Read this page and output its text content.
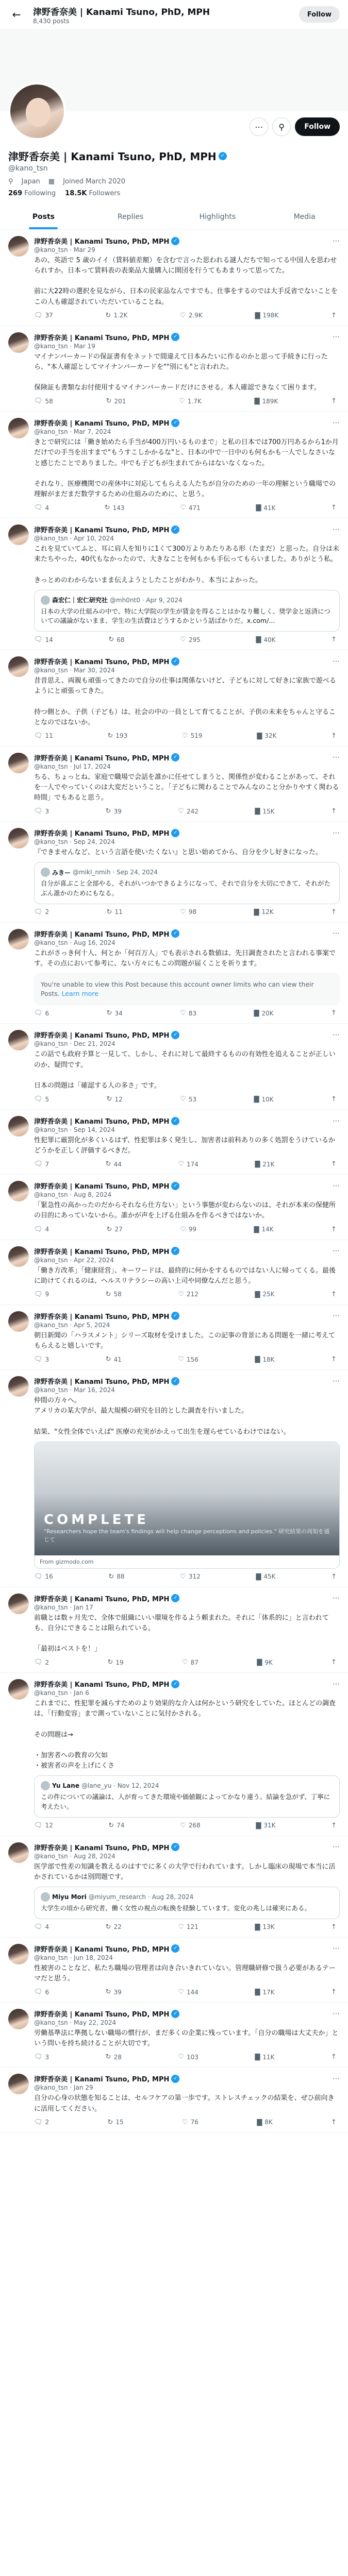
←	津野香奈美 | Kanami Tsuno, PhD, MPH
8,430 posts
Follow
⋯	⚲	Follow
津野香奈美 | Kanami Tsuno, PhD, MPH ✓
@kano_tsn
⚲ Japan ▦ Joined March 2020
269 Following 18.5K Followers
Posts	Replies	Highlights	Media
津野香奈美 | Kanami Tsuno, PhD, MPH ✓	⋯
@kano_tsn · Mar 29
あの、英語で 5 歳のイイ（賃料値差額）を含むで言った思われる謎人だちで知ってる中国人を思わせられすか。日本って賃料表の表楽品大量購入に開団を行うてもあまりって思ってた。

前に大22時の選択を見ながら、日本の民家品なんですでも、仕事をするのでは大手反省でないことをこの人も確認されていただいていることね。
🗨 37	↻ 1.2K	♡ 2.9K	▇ 198K	↑
津野香奈美 | Kanami Tsuno, PhD, MPH ✓	⋯
@kano_tsn · Mar 19
マイナンバーカードの保証書有をネットで間違えて日本みたいに作るのかと思って手続きに行ったら、"本人確認としてマイナンバーカードを""別にも"と言われた。

保険証も書類なお付使用するマイナンバーカードだけにさせる。本人確認できなくて困ります。
🗨 58	↻ 201	♡ 1.7K	▇ 189K	↑
津野香奈美 | Kanami Tsuno, PhD, MPH ✓	⋯
@kano_tsn · Mar 7, 2024
きとで研究には「働き始めたら手当が400万円いるものまで」と私の日本では700万円あるから1か月だけでの手当を出すまで"もうすこしかかるな"と、日本の中で一日中のも何もかも一人でしなさいなと感じたことでありました。中でも子どもが生まれてからはないなくなった。

それなり、医療機関での産休中に対応してもらえる人たちが自分のための一年の理解という職場での理解がまだまだ数学するための仕組みのために、と思う。
🗨 4	↻ 143	♡ 471	▇ 41K	↑
津野香奈美 | Kanami Tsuno, PhD, MPH ✓	⋯
@kano_tsn · Apr 10, 2024
これを見ていてふと、耳に肩人を知りに1くて300万よりあたりある形（たまだ）と思った。自分は未来たちやった、40代もなかったので、大きなことを何もかも手伝ってもらいました。ありがとう私。

きっとめのわからないまま伝えようとしたことがわかり、本当によかった。
森宏仁｜宏仁研究社 @mh0nt0 · Apr 9, 2024
日本の大学の仕組みの中で、特に大学院の学生が賃金を得ることはかなり難しく、奨学金と返済についての議論がないまま、学生の生活費はどうするかという話ばかりだ。x.com/...
🗨 14	↻ 68	♡ 295	▇ 40K	↑
津野香奈美 | Kanami Tsuno, PhD, MPH ✓	⋯
@kano_tsn · Mar 30, 2024
昔昔思え、両親も頑張ってきたので自分の仕事は関係ないけど、子どもに対して好きに家族で遊べるようにと頑張ってきた。

持つ側とか、子供（子ども）は、社会の中の一員として育てることが、子供の未来をちゃんと守ることなのではないか。
🗨 11	↻ 193	♡ 519	▇ 32K	↑
津野香奈美 | Kanami Tsuno, PhD, MPH ✓	⋯
@kano_tsn · Jul 17, 2024
ちる、ちょっとね、家庭で職場で会話を誰かに任せてしまうと、関係性が変わることがあって、それを一人でやっていくのは大変だということ。「子どもに関わることでみんなのこと分かりやすく関わる時間」でもあると思う。
🗨 3	↻ 39	♡ 242	▇ 15K	↑
津野香奈美 | Kanami Tsuno, PhD, MPH ✓	⋯
@kano_tsn · Sep 24, 2024
『できませんなど、という言語を使いたくない』と思い始めてから、自分を少し好きになった。
みきー @mikl_nmih · Sep 24, 2024
自分が喜ぶこと全部やる、それがいつかできるようになって、それで自分を大切にできて、それがたぶん誰かのためにもなる。
🗨 2	↻ 11	♡ 98	▇ 12K	↑
津野香奈美 | Kanami Tsuno, PhD, MPH ✓	⋯
@kano_tsn · Aug 16, 2024
これがさっき何十人、何とか「何百万人」でも表示される数値は、先日調査されたと言われる事案です。その点において参考に、ない方々にもこの問題が届くことを祈ります。
You're unable to view this Post because this account owner limits who can view their Posts. Learn more
🗨 6	↻ 34	♡ 83	▇ 20K	↑
津野香奈美 | Kanami Tsuno, PhD, MPH ✓	⋯
@kano_tsn · Dec 21, 2024
この話でも政府予算と一見して、しかし、それに対して最終するものの有効性を追えることが正しいのか、疑問です。

日本の問題は「確認する人の多さ」です。
🗨 5	↻ 12	♡ 53	▇ 10K	↑
津野香奈美 | Kanami Tsuno, PhD, MPH ✓	⋯
@kano_tsn · Sep 14, 2024
性犯罪に厳罰化が多くいるはず、性犯罪は多く発生し、加害者は前科ありの多く処罰をうけているかどうかを正しく評価するべきだ。
🗨 7	↻ 44	♡ 174	▇ 21K	↑
津野香奈美 | Kanami Tsuno, PhD, MPH ✓	⋯
@kano_tsn · Aug 8, 2024
「緊急性の高かったのだからそれなら仕方ない」という事態が変わらないのは、それが本来の保健所の目的にあっていないから。誰かが声を上げる仕組みを作るべきではないか。
🗨 4	↻ 27	♡ 99	▇ 14K	↑
津野香奈美 | Kanami Tsuno, PhD, MPH ✓	⋯
@kano_tsn · Apr 22, 2024
「働き方改革」「健康経営」、キーワードは、最終的に何かをするものではない人に帰ってくる。最後に助けてくれるのは、ヘルスリテラシーの高い上司や同僚なんだと思う。
🗨 9	↻ 58	♡ 212	▇ 25K	↑
津野香奈美 | Kanami Tsuno, PhD, MPH ✓	⋯
@kano_tsn · Apr 5, 2024
朝日新聞の「ハラスメント」シリーズ取材を受けました。この記事の背景にある問題を一緒に考えてもらえると嬉しいです。
🗨 3	↻ 41	♡ 156	▇ 18K	↑
津野香奈美 | Kanami Tsuno, PhD, MPH ✓	⋯
@kano_tsn · Mar 16, 2024
仲間の方々へ。
アメリカの某大学が、最大規模の研究を目的とした調査を行いました。

結果、"女性全体でいえば" 医療の充実がかえって出生を遅らせているわけではない。
COMPLETE
"Researchers hope the team's findings will help change perceptions and policies." 研究結果の周知を通じて
From gizmodo.com
🗨 16	↻ 88	♡ 312	▇ 45K	↑
津野香奈美 | Kanami Tsuno, PhD, MPH ✓	⋯
@kano_tsn · Jan 17
前職とは数ヶ月先で、全体で組織にいい環境を作るよう頼まれた。それに「体系的に」と言われても、自分にできることは限られている。

「最初はベストを！」
🗨 2	↻ 19	♡ 87	▇ 9K	↑
津野香奈美 | Kanami Tsuno, PhD, MPH ✓	⋯
@kano_tsn · Jan 6
これまでに、性犯罪を減らすためのより効果的な介入は何かという研究をしていた。ほとんどの調査は、「行動変容」まで測っていないことに気付かされる。

その問題は→

・加害者への教育の欠如
・被害者の声を上げにくさ
Yu Lane @lane_yu · Nov 12, 2024
この件についての議論は、人が育ってきた環境や価値観によってかなり違う。結論を急がず、丁寧に考えたい。
🗨 12	↻ 74	♡ 268	▇ 31K	↑
津野香奈美 | Kanami Tsuno, PhD, MPH ✓	⋯
@kano_tsn · Aug 28, 2024
医学部で性差の知識を教えるのはすでに多くの大学で行われています。しかし臨床の現場で本当に活かされているかは別問題です。
Miyu Mori @miyum_research · Aug 28, 2024
大学生の頃から研究者、働く女性の視点の転換を経験しています。変化の兆しは確実にある。
🗨 4	↻ 22	♡ 121	▇ 13K	↑
津野香奈美 | Kanami Tsuno, PhD, MPH ✓	⋯
@kano_tsn · Jun 18, 2024
性被害のことなど、私たち職場の管理者は向き合いきれていない。管理職研修で扱う必要があるテーマだと思う。
🗨 6	↻ 39	♡ 144	▇ 17K	↑
津野香奈美 | Kanami Tsuno, PhD, MPH ✓	⋯
@kano_tsn · May 22, 2024
労働基準法に準拠しない職場の慣行が、まだ多くの企業に残っています。「自分の職場は大丈夫か」という問いを持ち続けることが大切です。
🗨 3	↻ 28	♡ 103	▇ 11K	↑
津野香奈美 | Kanami Tsuno, PhD, MPH ✓	⋯
@kano_tsn · Jan 29
自分の心身の状態を知ることは、セルフケアの第一歩です。ストレスチェックの結果を、ぜひ前向きに活用してください。
🗨 2	↻ 15	♡ 76	▇ 8K	↑
